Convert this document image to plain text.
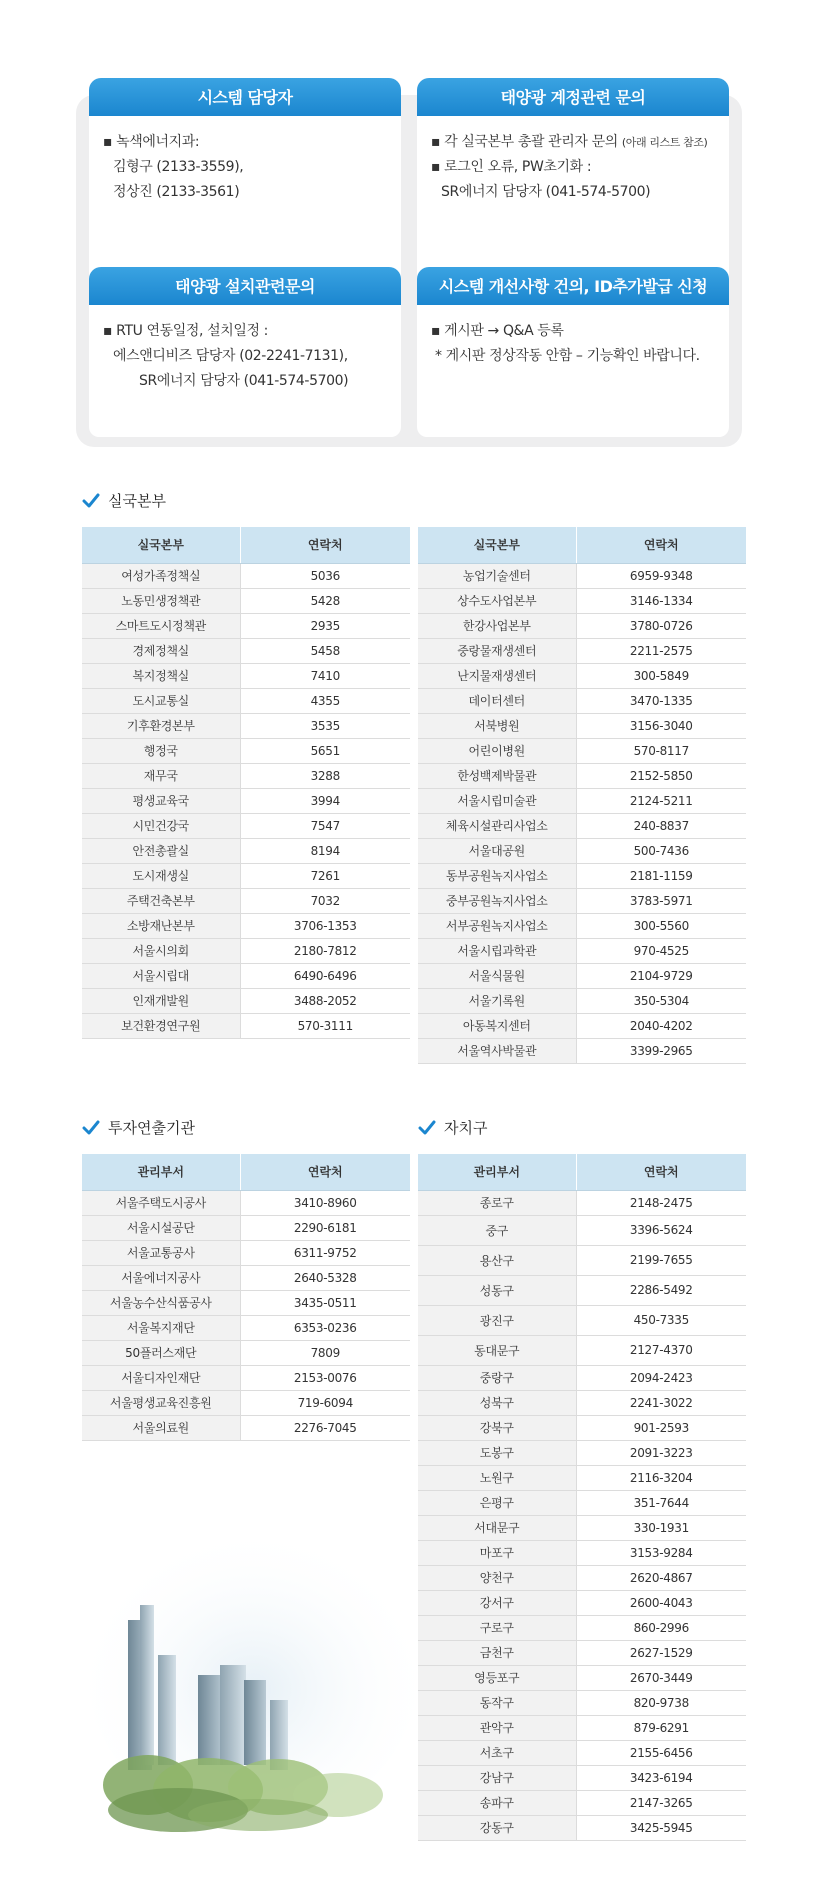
시스템 담당자
▪ 녹색에너지과:
김형구 (2133-3559),
정상진 (2133-3561)
태양광 계정관련 문의
▪ 각 실국본부 총괄 관리자 문의 (아래 리스트 참조)
▪ 로그인 오류, PW초기화 :
SR에너지 담당자 (041-574-5700)
태양광 설치관련문의
▪ RTU 연동일정, 설치일정 :
에스앤디비즈 담당자 (02-2241-7131),
SR에너지 담당자 (041-574-5700)
시스템 개선사항 건의, ID추가발급 신청
▪ 게시판 → Q&A 등록
* 게시판 정상작동 안함 – 기능확인 바랍니다.
실국본부
투자연출기관	자치구
실국본부	연락처
여성가족정책실	5036
노동민생정책관	5428
스마트도시정책관	2935
경제정책실	5458
복지정책실	7410
도시교통실	4355
기후환경본부	3535
행정국	5651
재무국	3288
평생교육국	3994
시민건강국	7547
안전총괄실	8194
도시재생실	7261
주택건축본부	7032
소방재난본부	3706-1353
서울시의회	2180-7812
서울시립대	6490-6496
인재개발원	3488-2052
보건환경연구원	570-3111
실국본부	연락처
농업기술센터	6959-9348
상수도사업본부	3146-1334
한강사업본부	3780-0726
중랑물재생센터	2211-2575
난지물재생센터	300-5849
데이터센터	3470-1335
서북병원	3156-3040
어린이병원	570-8117
한성백제박물관	2152-5850
서울시립미술관	2124-5211
체육시설관리사업소	240-8837
서울대공원	500-7436
동부공원녹지사업소	2181-1159
중부공원녹지사업소	3783-5971
서부공원녹지사업소	300-5560
서울시립과학관	970-4525
서울식물원	2104-9729
서울기록원	350-5304
아동복지센터	2040-4202
서울역사박물관	3399-2965
관리부서	연락처
서울주택도시공사	3410-8960
서울시설공단	2290-6181
서울교통공사	6311-9752
서울에너지공사	2640-5328
서울농수산식품공사	3435-0511
서울복지재단	6353-0236
50플러스재단	7809
서울디자인재단	2153-0076
서울평생교육진흥원	719-6094
서울의료원	2276-7045
관리부서	연락처
종로구	2148-2475
중구	3396-5624
용산구	2199-7655
성동구	2286-5492
광진구	450-7335
동대문구	2127-4370
중랑구	2094-2423
성북구	2241-3022
강북구	901-2593
도봉구	2091-3223
노원구	2116-3204
은평구	351-7644
서대문구	330-1931
마포구	3153-9284
양천구	2620-4867
강서구	2600-4043
구로구	860-2996
금천구	2627-1529
영등포구	2670-3449
동작구	820-9738
관악구	879-6291
서초구	2155-6456
강남구	3423-6194
송파구	2147-3265
강동구	3425-5945
